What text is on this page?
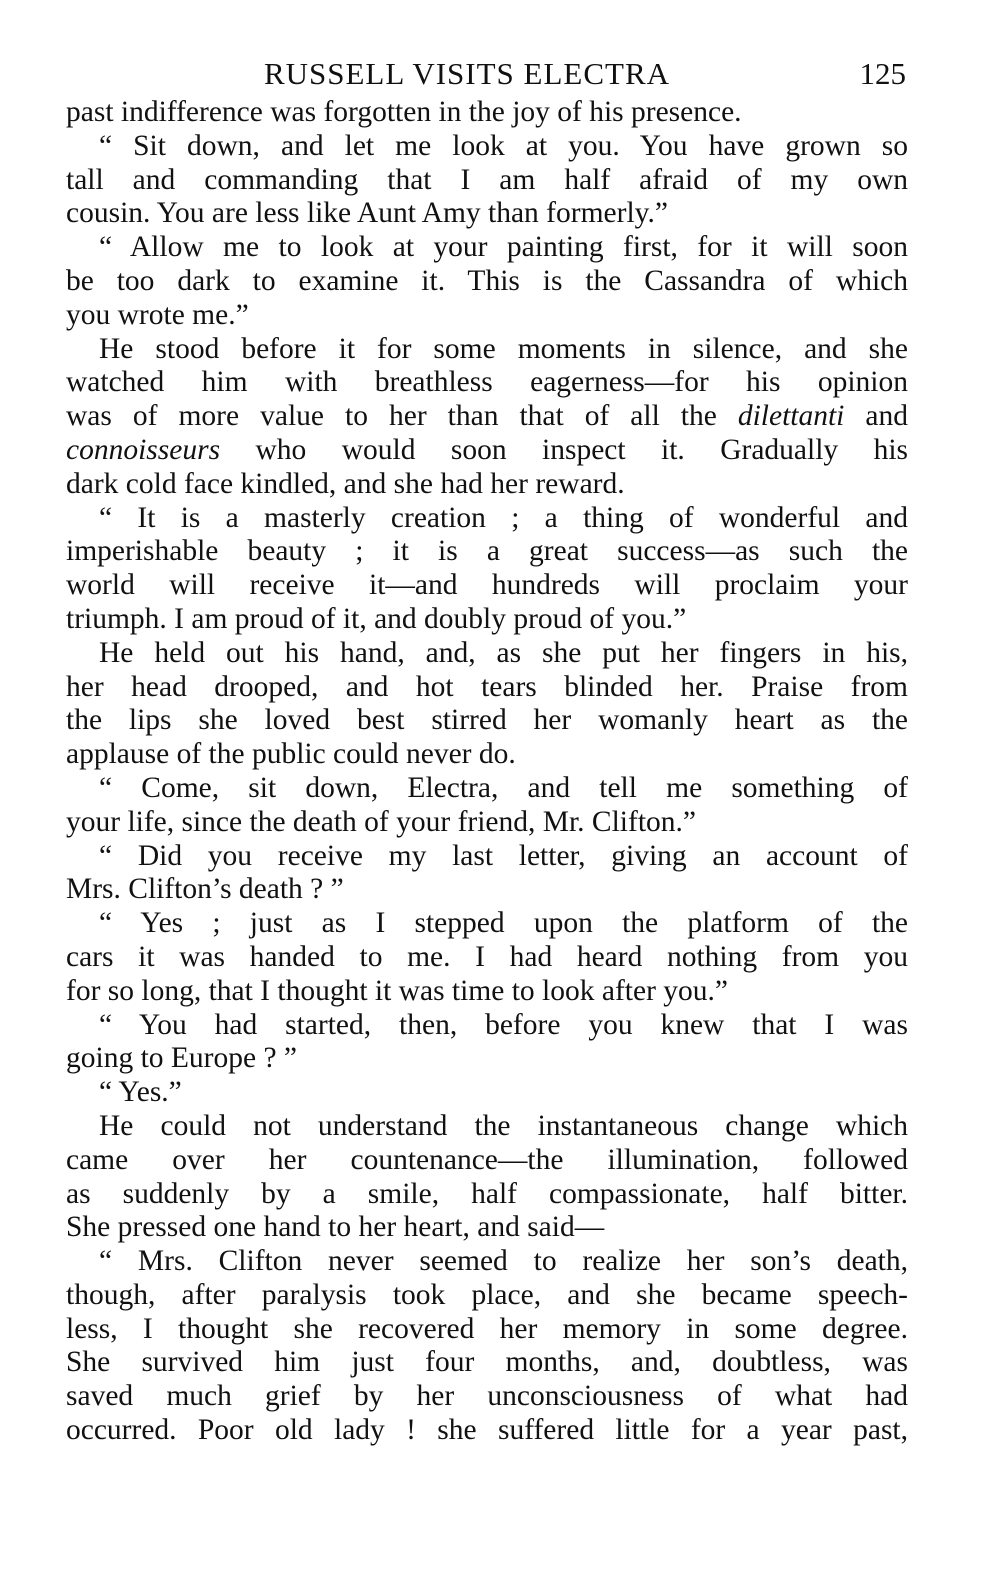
RUSSELL VISITS ELECTRA	125
past indifference was forgotten in the joy of his presence.
“ Sit down, and let me look at you. You have grown so
tall and commanding that I am half afraid of my own
cousin. You are less like Aunt Amy than formerly.”
“ Allow me to look at your painting first, for it will soon
be too dark to examine it. This is the Cassandra of which
you wrote me.”
He stood before it for some moments in silence, and she
watched him with breathless eagerness—for his opinion
was of more value to her than that of all the dilettanti and
connoisseurs who would soon inspect it. Gradually his
dark cold face kindled, and she had her reward.
“ It is a masterly creation ; a thing of wonderful and
imperishable beauty ; it is a great success—as such the
world will receive it—and hundreds will proclaim your
triumph. I am proud of it, and doubly proud of you.”
He held out his hand, and, as she put her fingers in his,
her head drooped, and hot tears blinded her. Praise from
the lips she loved best stirred her womanly heart as the
applause of the public could never do.
“ Come, sit down, Electra, and tell me something of
your life, since the death of your friend, Mr. Clifton.”
“ Did you receive my last letter, giving an account of
Mrs. Clifton’s death ? ”
“ Yes ; just as I stepped upon the platform of the
cars it was handed to me. I had heard nothing from you
for so long, that I thought it was time to look after you.”
“ You had started, then, before you knew that I was
going to Europe ? ”
“ Yes.”
He could not understand the instantaneous change which
came over her countenance—the illumination, followed
as suddenly by a smile, half compassionate, half bitter.
She pressed one hand to her heart, and said—
“ Mrs. Clifton never seemed to realize her son’s death,
though, after paralysis took place, and she became speech-
less, I thought she recovered her memory in some degree.
She survived him just four months, and, doubtless, was
saved much grief by her unconsciousness of what had
occurred. Poor old lady ! she suffered little for a year past,
